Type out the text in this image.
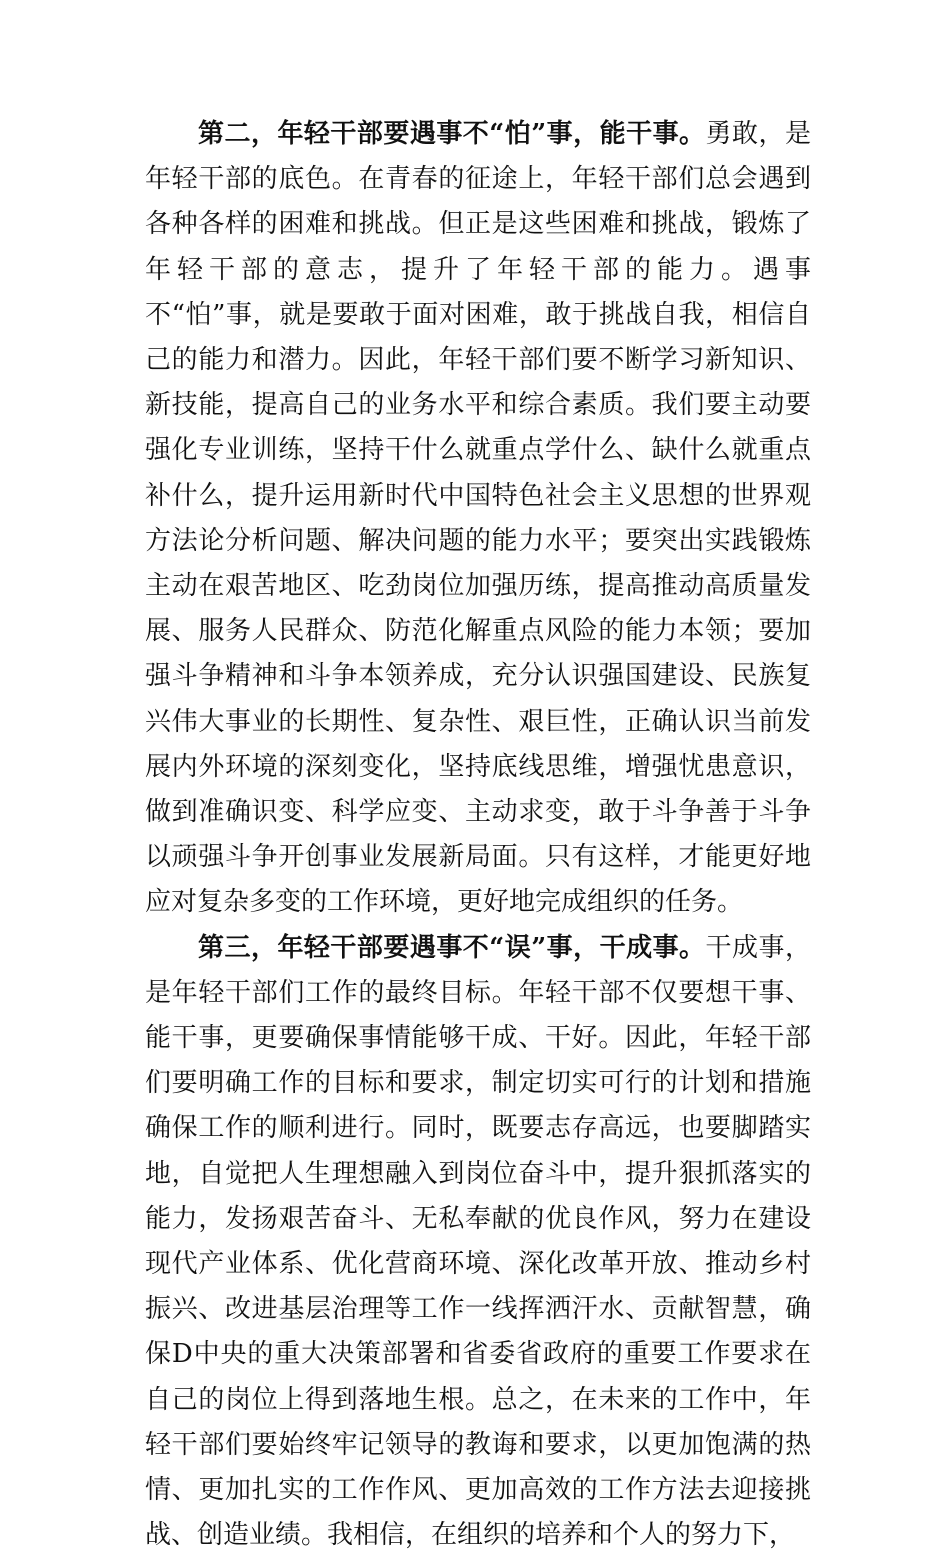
第二，年轻干部要遇事不“怕”事，能干事。勇敢，是年轻干部的底色。在青春的征途上，年轻干部们总会遇到各种各样的困难和挑战。但正是这些困难和挑战，锻炼了年轻干部的意志，提升了年轻干部的能力。遇事不“怕”事，就是要敢于面对困难，敢于挑战自我，相信自己的能力和潜力。因此，年轻干部们要不断学习新知识、新技能，提高自己的业务水平和综合素质。我们要主动要强化专业训练，坚持干什么就重点学什么、缺什么就重点补什么，提升运用新时代中国特色社会主义思想的世界观方法论分析问题、解决问题的能力水平；要突出实践锻炼主动在艰苦地区、吃劲岗位加强历练，提高推动高质量发展、服务人民群众、防范化解重点风险的能力本领；要加强斗争精神和斗争本领养成，充分认识强国建设、民族复兴伟大事业的长期性、复杂性、艰巨性，正确认识当前发展内外环境的深刻变化，坚持底线思维，增强忧患意识，做到准确识变、科学应变、主动求变，敢于斗争善于斗争以顽强斗争开创事业发展新局面。只有这样，才能更好地应对复杂多变的工作环境，更好地完成组织的任务。

第三，年轻干部要遇事不“误”事，干成事。干成事，是年轻干部们工作的最终目标。年轻干部不仅要想干事、能干事，更要确保事情能够干成、干好。因此，年轻干部们要明确工作的目标和要求，制定切实可行的计划和措施确保工作的顺利进行。同时，既要志存高远，也要脚踏实地，自觉把人生理想融入到岗位奋斗中，提升狠抓落实的能力，发扬艰苦奋斗、无私奉献的优良作风，努力在建设现代产业体系、优化营商环境、深化改革开放、推动乡村振兴、改进基层治理等工作一线挥洒汗水、贡献智慧，确保D中央的重大决策部署和省委省政府的重要工作要求在自己的岗位上得到落地生根。总之，在未来的工作中，年轻干部们要始终牢记领导的教诲和要求，以更加饱满的热情、更加扎实的工作作风、更加高效的工作方法去迎接挑战、创造业绩。我相信，在组织的培养和个人的努力下，
